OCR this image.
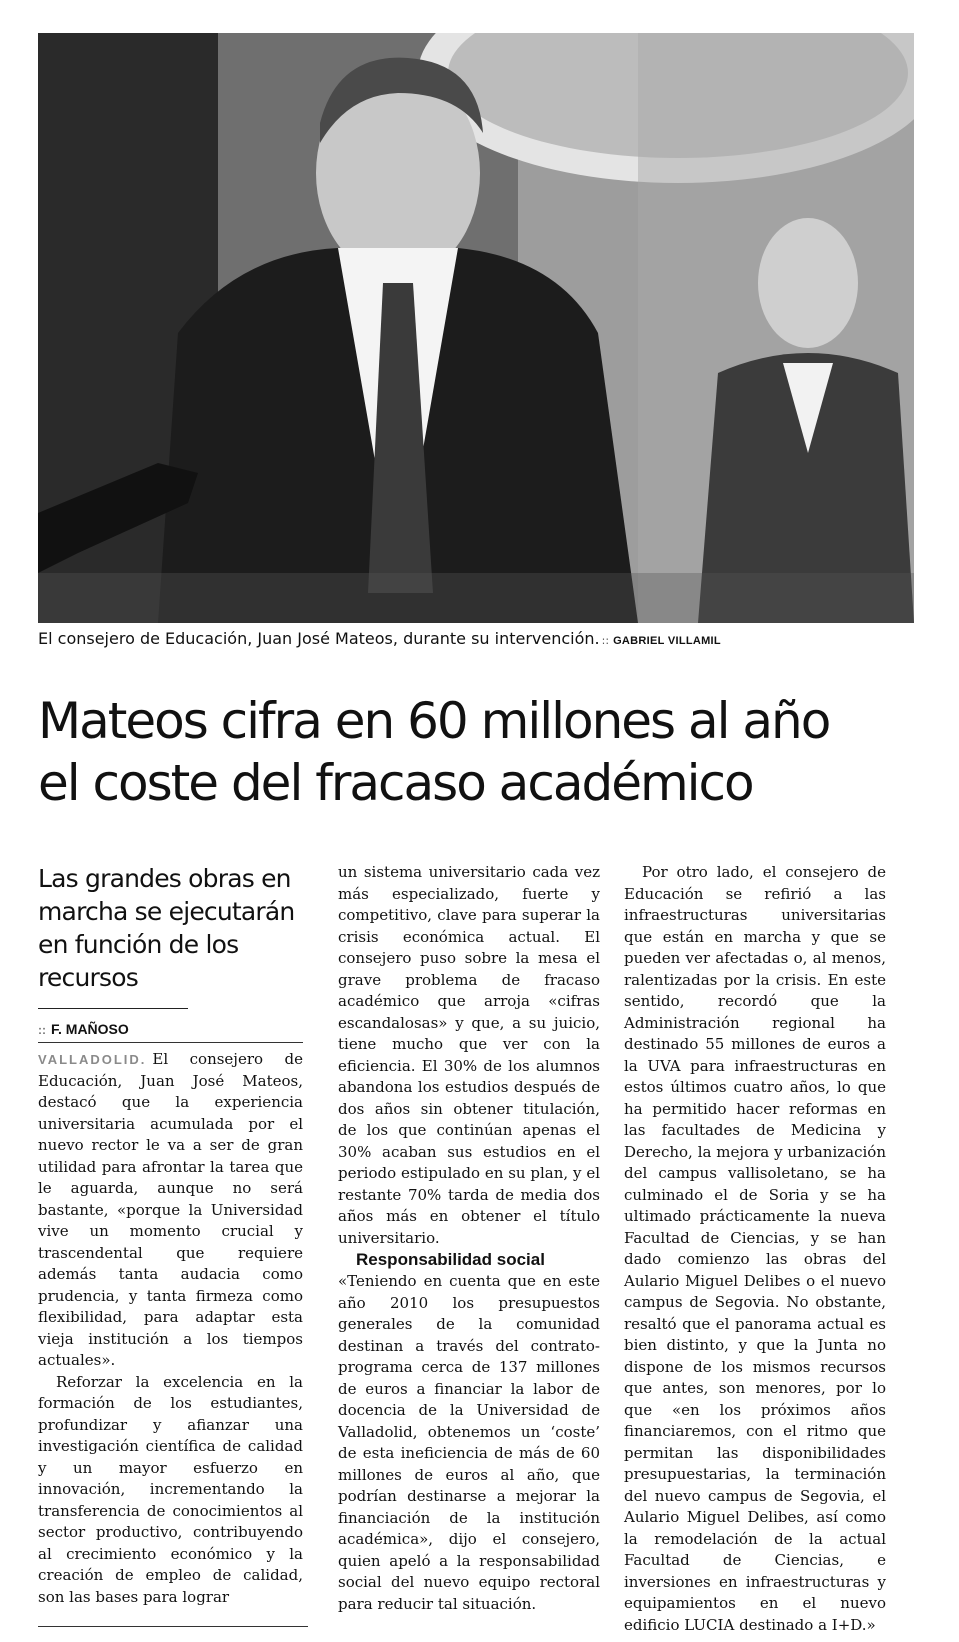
El consejero de Educación, Juan José Mateos, durante su intervención. :: GABRIEL VILLAMIL
Mateos cifra en 60 millones al año
el coste del fracaso académico

Las grandes obras en marcha se ejecutarán en función de los recursos

:: F. MAÑOSO

VALLADOLID. El consejero de Educación, Juan José Mateos, destacó que la experiencia universitaria acumulada por el nuevo rector le va a ser de gran utilidad para afrontar la tarea que le aguarda, aunque no será bastante, «porque la Universidad vive un momento crucial y trascendental que requiere además tanta audacia como prudencia, y tanta firmeza como flexibilidad, para adaptar esta vieja institución a los tiempos actuales».

Reforzar la excelencia en la formación de los estudiantes, profundizar y afianzar una investigación científica de calidad y un mayor esfuerzo en innovación, incrementando la transferencia de conocimientos al sector productivo, contribuyendo al crecimiento económico y la creación de empleo de calidad, son las bases para lograr

un sistema universitario cada vez más especializado, fuerte y competitivo, clave para superar la crisis económica actual. El consejero puso sobre la mesa el grave problema de fracaso académico que arroja «cifras escandalosas» y que, a su juicio, tiene mucho que ver con la eficiencia. El 30% de los alumnos abandona los estudios después de dos años sin obtener titulación, de los que continúan apenas el 30% acaban sus estudios en el periodo estipulado en su plan, y el restante 70% tarda de media dos años más en obtener el título universitario.

Responsabilidad social

«Teniendo en cuenta que en este año 2010 los presupuestos generales de la comunidad destinan a través del contrato-programa cerca de 137 millones de euros a financiar la labor de docencia de la Universidad de Valladolid, obtenemos un ‘coste’ de esta ineficiencia de más de 60 millones de euros al año, que podrían destinarse a mejorar la financiación de la institución académica», dijo el consejero, quien apeló a la responsabilidad social del nuevo equipo rectoral para reducir tal situación.

Por otro lado, el consejero de Educación se refirió a las infraestructuras universitarias que están en marcha y que se pueden ver afectadas o, al menos, ralentizadas por la crisis. En este sentido, recordó que la Administración regional ha destinado 55 millones de euros a la UVA para infraestructuras en estos últimos cuatro años, lo que ha permitido hacer reformas en las facultades de Medicina y Derecho, la mejora y urbanización del campus vallisoletano, se ha culminado el de Soria y se ha ultimado prácticamente la nueva Facultad de Ciencias, y se han dado comienzo las obras del Aulario Miguel Delibes o el nuevo campus de Segovia. No obstante, resaltó que el panorama actual es bien distinto, y que la Junta no dispone de los mismos recursos que antes, son menores, por lo que «en los próximos años financiaremos, con el ritmo que permitan las disponibilidades presupuestarias, la terminación del nuevo campus de Segovia, el Aulario Miguel Delibes, así como la remodelación de la actual Facultad de Ciencias, e inversiones en infraestructuras y equipamientos en el nuevo edificio LUCIA destinado a I+D.»
